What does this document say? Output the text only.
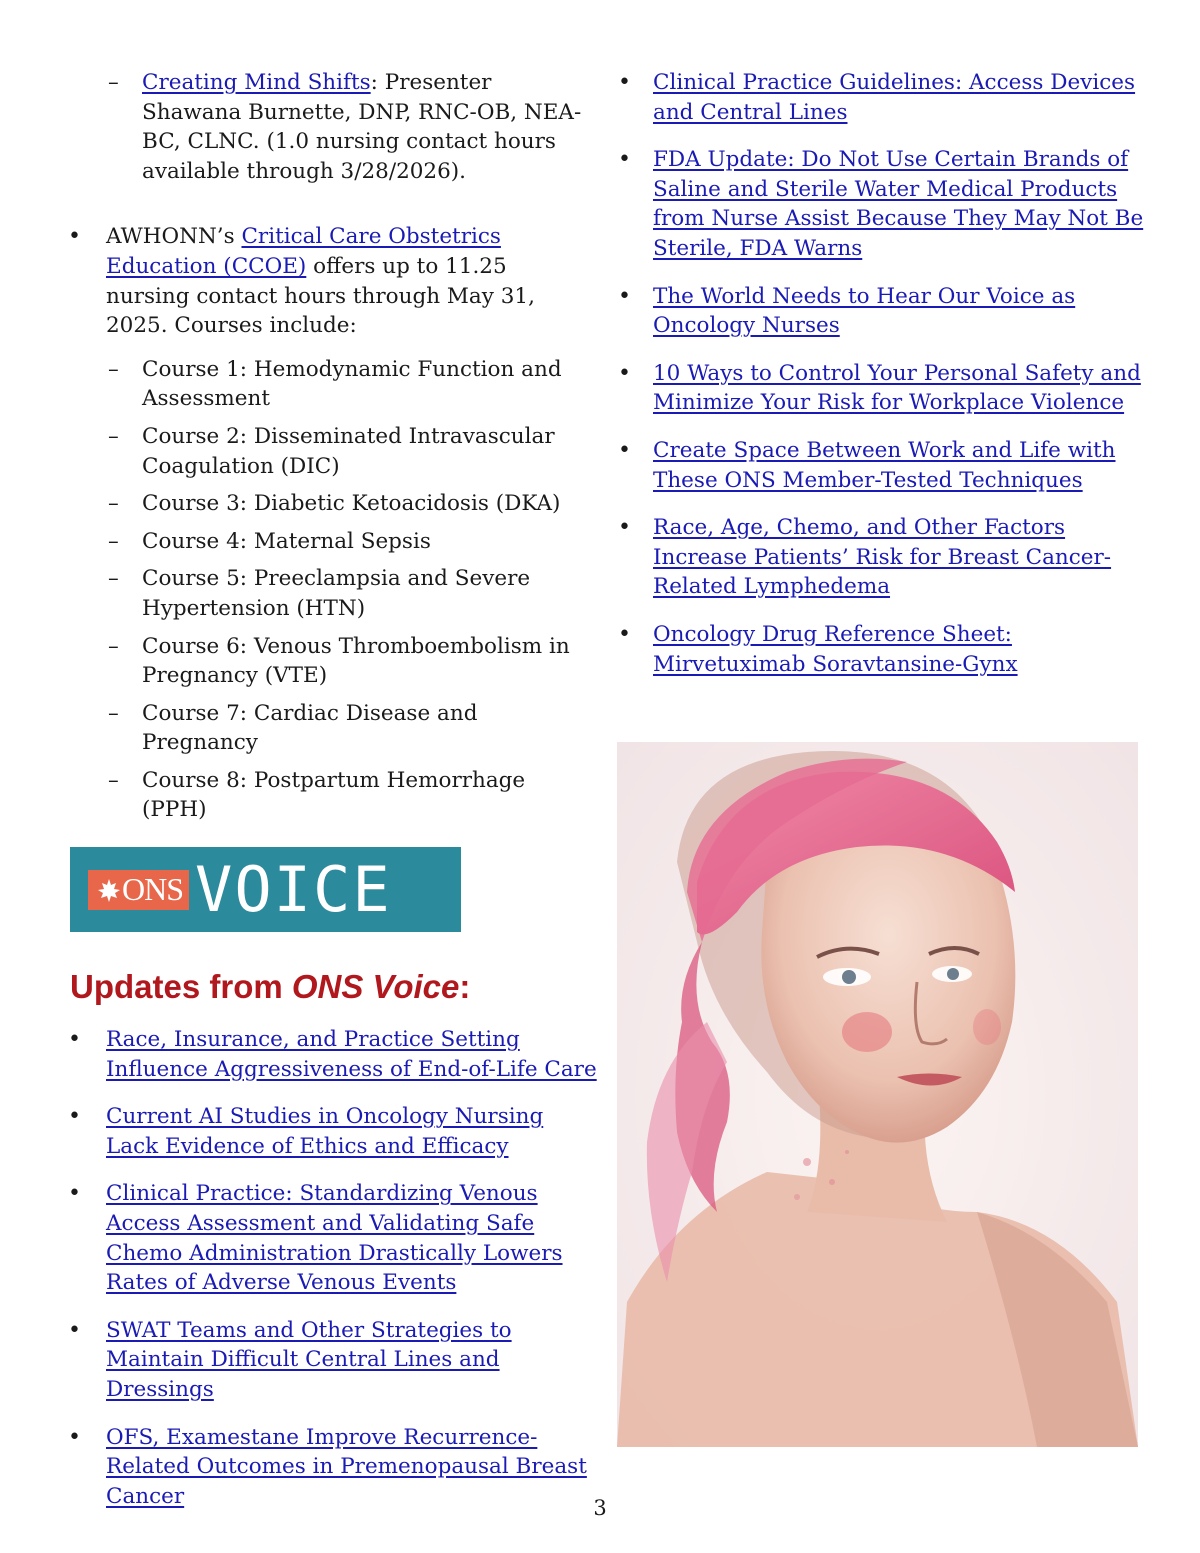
– Creating Mind Shifts: Presenter Shawana Burnette, DNP, RNC-OB, NEA-BC, CLNC. (1.0 nursing contact hours available through 3/28/2026).
• AWHONN’s Critical Care Obstetrics Education (CCOE) offers up to 11.25 nursing contact hours through May 31, 2025. Courses include:
– Course 1: Hemodynamic Function and Assessment
– Course 2: Disseminated Intravascular Coagulation (DIC)
– Course 3: Diabetic Ketoacidosis (DKA)
– Course 4: Maternal Sepsis
– Course 5: Preeclampsia and Severe Hypertension (HTN)
– Course 6: Venous Thromboembolism in Pregnancy (VTE)
– Course 7: Cardiac Disease and Pregnancy
– Course 8: Postpartum Hemorrhage (PPH)
ONS VOICE
Updates from ONS Voice:
• Race, Insurance, and Practice Setting Influence Aggressiveness of End-of-Life Care
• Current AI Studies in Oncology Nursing Lack Evidence of Ethics and Efficacy
• Clinical Practice: Standardizing Venous Access Assessment and Validating Safe Chemo Administration Drastically Lowers Rates of Adverse Venous Events
• SWAT Teams and Other Strategies to Maintain Difficult Central Lines and Dressings
• OFS, Examestane Improve Recurrence-Related Outcomes in Premenopausal Breast Cancer
• Clinical Practice Guidelines: Access Devices and Central Lines
• FDA Update: Do Not Use Certain Brands of Saline and Sterile Water Medical Products from Nurse Assist Because They May Not Be Sterile, FDA Warns
• The World Needs to Hear Our Voice as Oncology Nurses
• 10 Ways to Control Your Personal Safety and Minimize Your Risk for Workplace Violence
• Create Space Between Work and Life with These ONS Member-Tested Techniques
• Race, Age, Chemo, and Other Factors Increase Patients’ Risk for Breast Cancer-Related Lymphedema
• Oncology Drug Reference Sheet: Mirvetuximab Soravtansine-Gynx
3
